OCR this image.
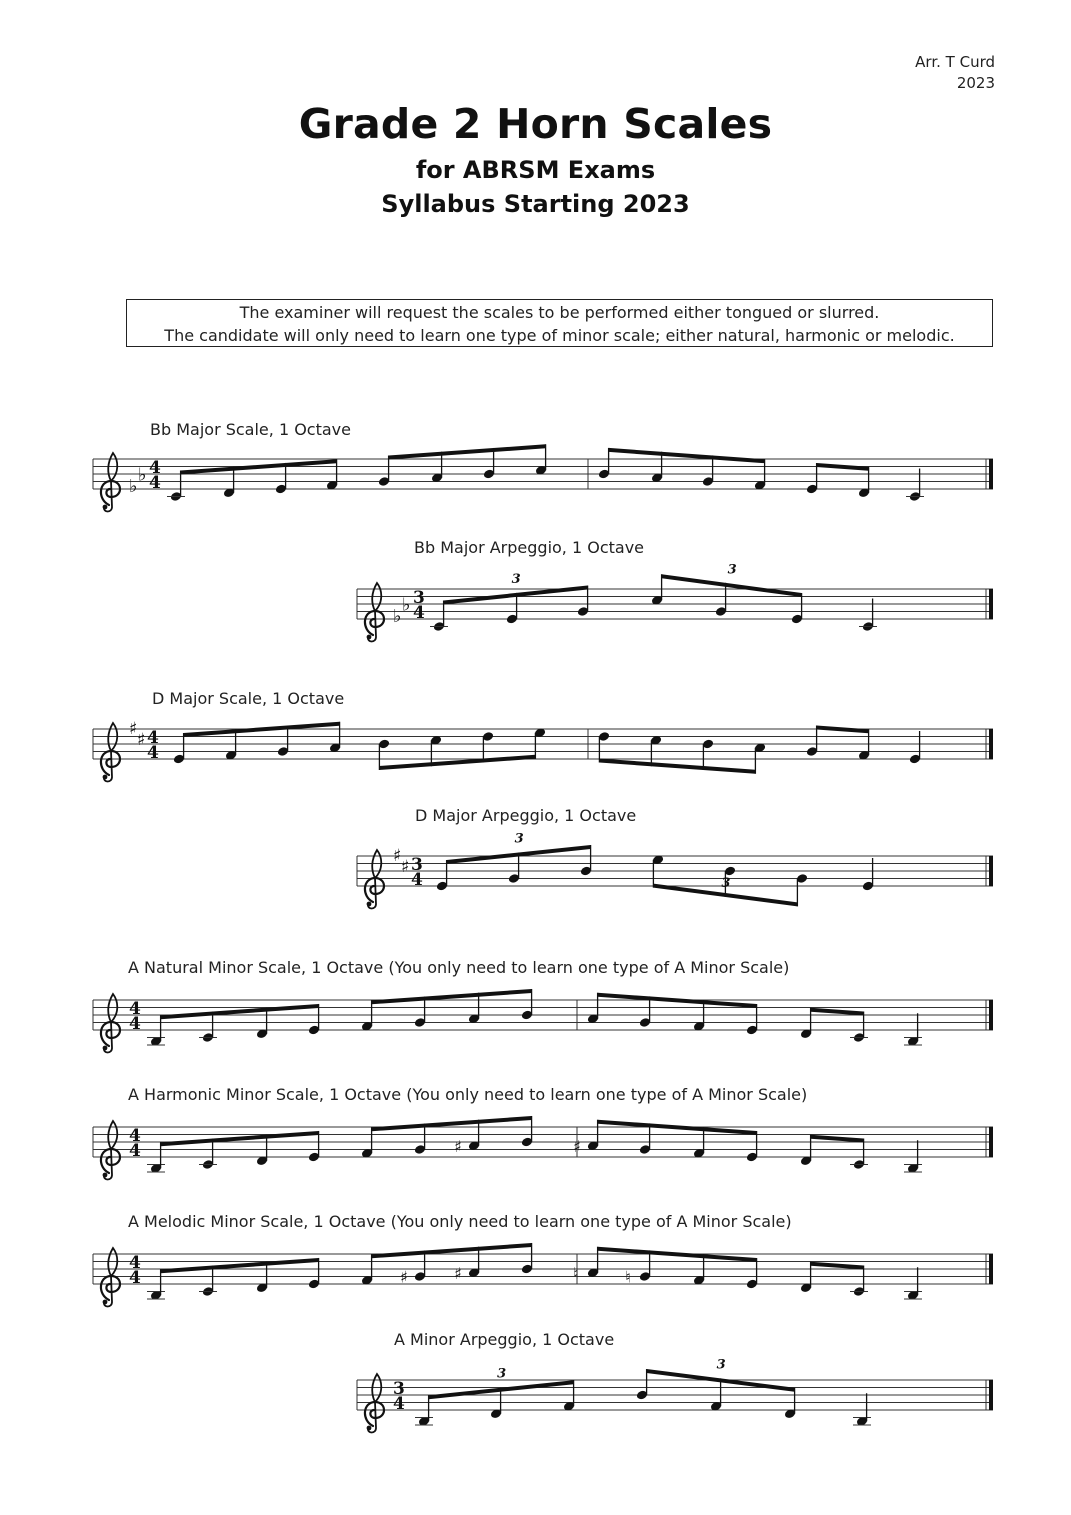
Arr. T Curd
2023
Grade 2 Horn Scales
for ABRSM Exams
Syllabus Starting 2023
The examiner will request the scales to be performed either tongued or slurred.
The candidate will only need to learn one type of minor scale; either natural, harmonic or melodic.
Bb Major Scale, 1 Octave
Bb Major Arpeggio, 1 Octave
D Major Scale, 1 Octave
D Major Arpeggio, 1 Octave
A Natural Minor Scale, 1 Octave (You only need to learn one type of A Minor Scale)
A Harmonic Minor Scale, 1 Octave (You only need to learn one type of A Minor Scale)
A Melodic Minor Scale, 1 Octave (You only need to learn one type of A Minor Scale)
A Minor Arpeggio, 1 Octave
♭
♭ 4
4
♭
♭ 3
4
3
3
♯
♯ 4
4
♯
♯ 3
4
3
3
4
4
4
4	♯	♯
4
4	♯	♯	♮	♮
3
4
3
3
